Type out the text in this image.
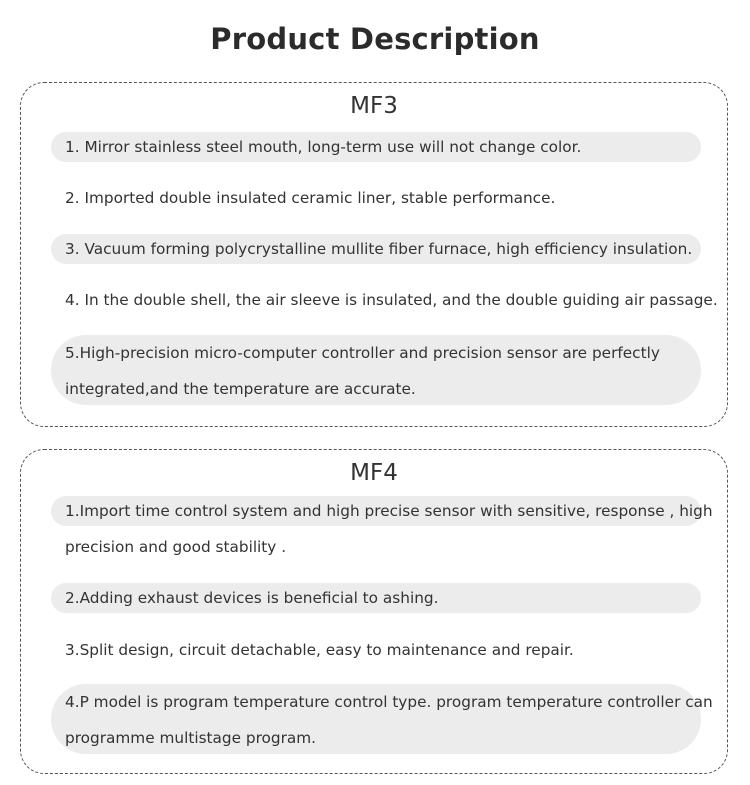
Product Description
MF3
1. Mirror stainless steel mouth, long-term use will not change color.
2. Imported double insulated ceramic liner, stable performance.
3. Vacuum forming polycrystalline mullite fiber furnace, high efficiency insulation.
4. In the double shell, the air sleeve is insulated, and the double guiding air passage.
5.High-precision micro-computer controller and precision sensor are perfectly
integrated,and the temperature are accurate.
MF4
1.Import time control system and high precise sensor with sensitive, response , high
precision and good stability .
2.Adding exhaust devices is beneficial to ashing.
3.Split design, circuit detachable, easy to maintenance and repair.
4.P model is program temperature control type. program temperature controller can
programme multistage program.
